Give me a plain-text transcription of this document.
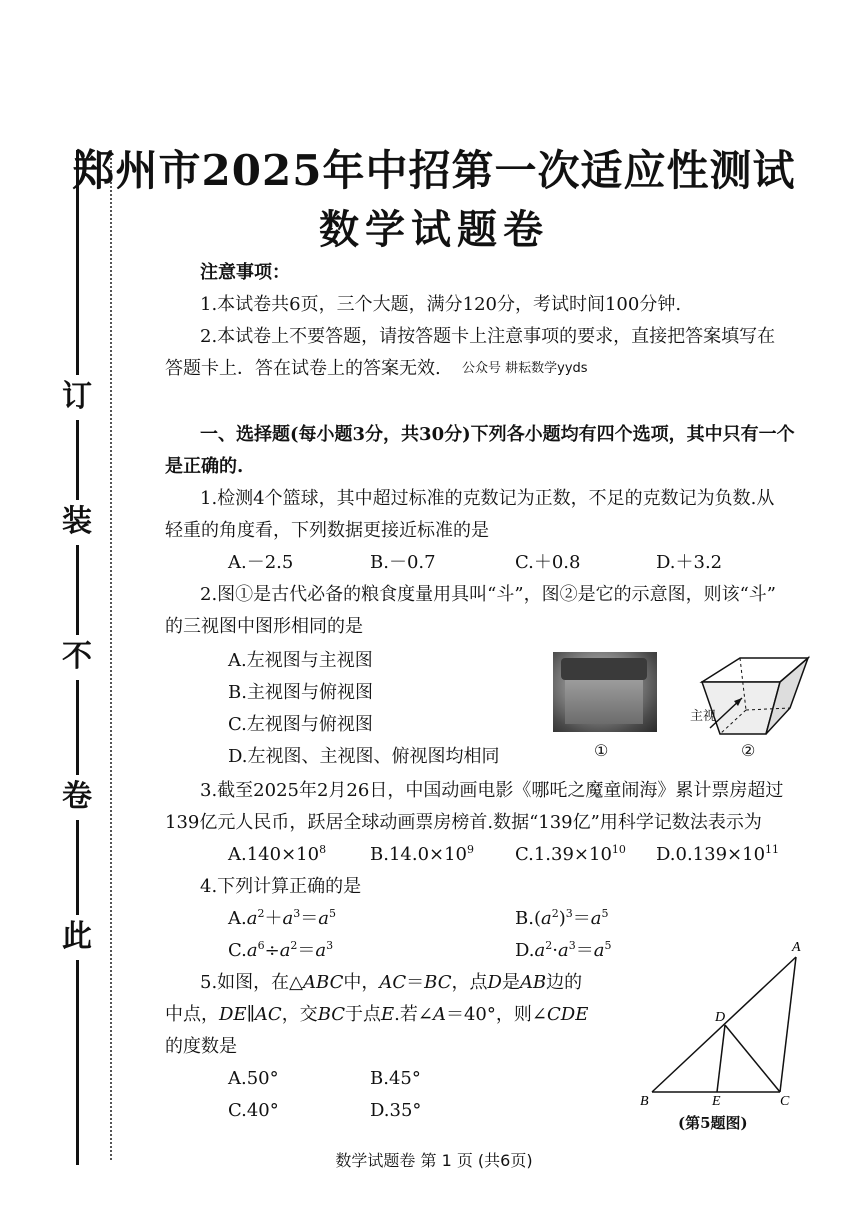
订
装
不
卷
此
郑州市2025年中招第一次适应性测试
数学试题卷
注意事项：
1.本试卷共6页，三个大题，满分120分，考试时间100分钟.
2.本试卷上不要答题，请按答题卡上注意事项的要求，直接把答案填写在
答题卡上．答在试卷上的答案无效. 公众号 耕耘数学yyds
一、选择题(每小题3分，共30分)下列各小题均有四个选项，其中只有一个
是正确的.
1.检测4个篮球，其中超过标准的克数记为正数，不足的克数记为负数.从
轻重的角度看，下列数据更接近标准的是
A.－2.5	B.－0.7	C.＋0.8	D.＋3.2
2.图①是古代必备的粮食度量用具叫“斗”，图②是它的示意图，则该“斗”
的三视图中图形相同的是
A.左视图与主视图
B.主视图与俯视图
C.左视图与俯视图
D.左视图、主视图、俯视图均相同	①
主视
②
3.截至2025年2月26日，中国动画电影《哪吒之魔童闹海》累计票房超过
139亿元人民币，跃居全球动画票房榜首.数据“139亿”用科学记数法表示为
$A.140\times 10^8$ $B.14.0\times 10^9$ $C.1.39\times 10^{10}$ $D.0.139\times 10^{11}$
4.下列计算正确的是
$A.a^2+a^3=a^5$	$B.(a^2)^3=a^5$
$C.a^6\div a^2=a^3$	$D.a^2\cdot a^3=a^5$
5.如图，在△ABC中，AC＝BC，点D是AB边的
中点，DE∥AC，交BC于点E.若∠A＝40°，则∠CDE
的度数是
A.50°	B.45°
C.40°	D.35°
A
B	C
D
E
(第5题图)
数学试题卷 第 1 页 (共6页)
